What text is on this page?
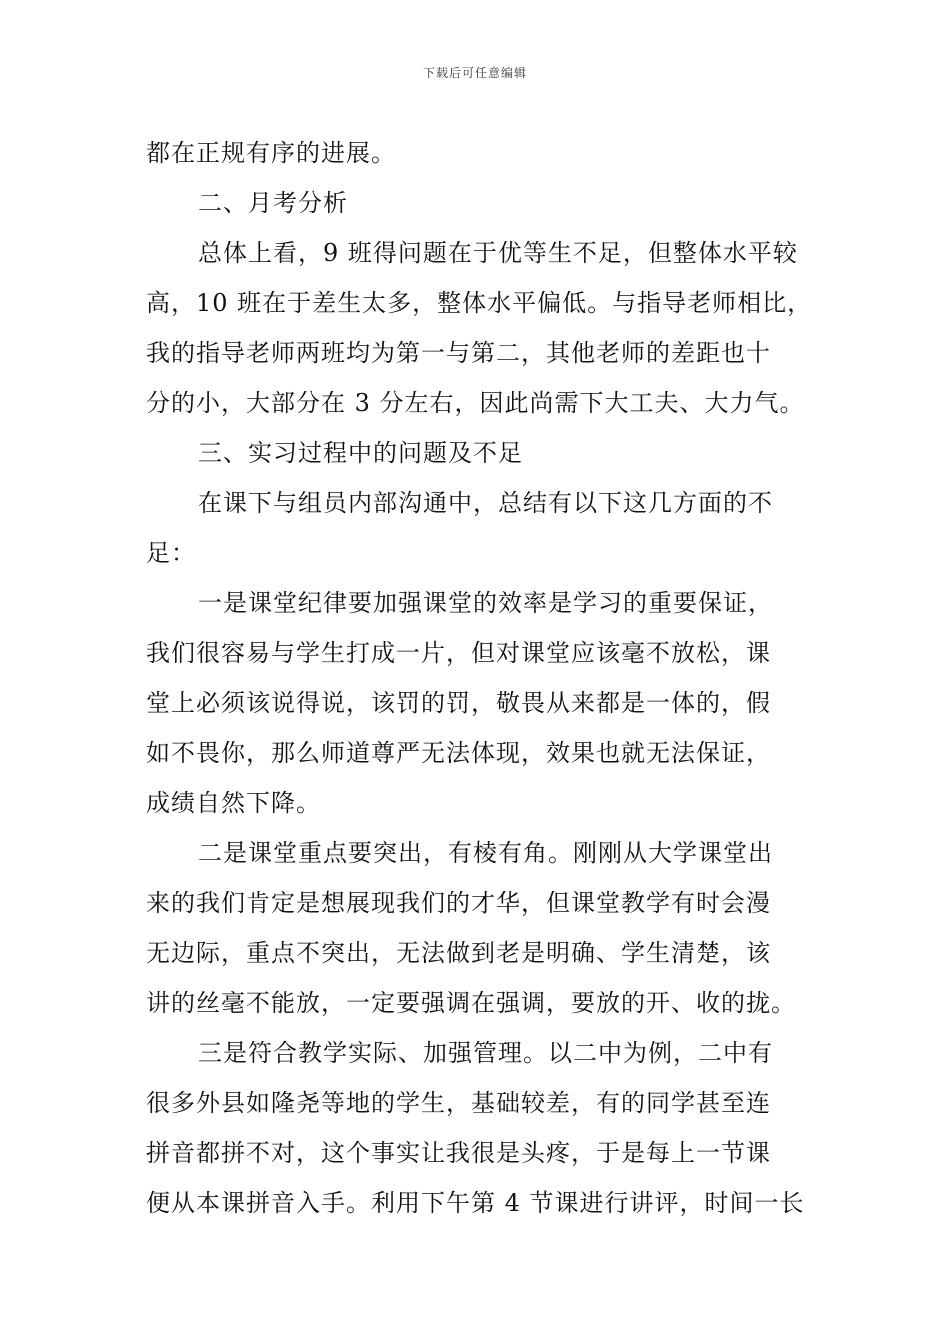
下载后可任意编辑
都在正规有序的进展。
二、月考分析
总体上看，9 班得问题在于优等生不足，但整体水平较
高，10 班在于差生太多，整体水平偏低。与指导老师相比，
我的指导老师两班均为第一与第二，其他老师的差距也十
分的小，大部分在 3 分左右，因此尚需下大工夫、大力气。
三、实习过程中的问题及不足
在课下与组员内部沟通中，总结有以下这几方面的不
足：
一是课堂纪律要加强课堂的效率是学习的重要保证，
我们很容易与学生打成一片，但对课堂应该毫不放松，课
堂上必须该说得说，该罚的罚，敬畏从来都是一体的，假
如不畏你，那么师道尊严无法体现，效果也就无法保证，
成绩自然下降。
二是课堂重点要突出，有棱有角。刚刚从大学课堂出
来的我们肯定是想展现我们的才华，但课堂教学有时会漫
无边际，重点不突出，无法做到老是明确、学生清楚，该
讲的丝毫不能放，一定要强调在强调，要放的开、收的拢。
三是符合教学实际、加强管理。以二中为例，二中有
很多外县如隆尧等地的学生，基础较差，有的同学甚至连
拼音都拼不对，这个事实让我很是头疼，于是每上一节课
便从本课拼音入手。利用下午第 4 节课进行讲评，时间一长
